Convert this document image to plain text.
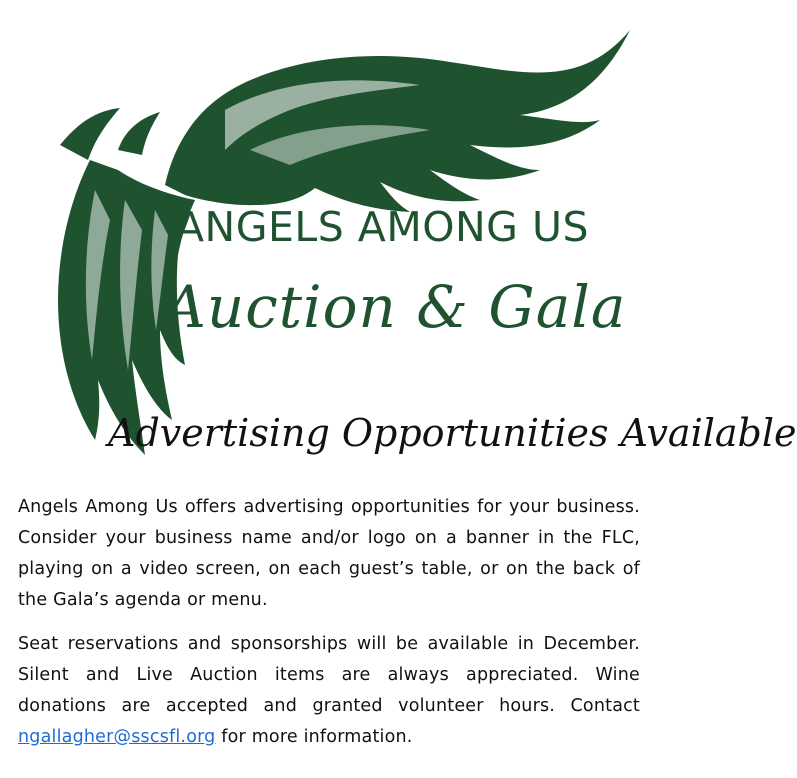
ANGELS AMONG US
Auction & Gala
Advertising Opportunities Available

Angels Among Us offers advertising opportunities for your business. Consider your business name and/or logo on a banner in the FLC, playing on a video screen, on each guest’s table, or on the back of the Gala’s agenda or menu.

Seat reservations and sponsorships will be available in December. Silent and Live Auction items are always appreciated. Wine donations are accepted and granted volunteer hours. Contact ngallagher@sscsfl.org for more information.
